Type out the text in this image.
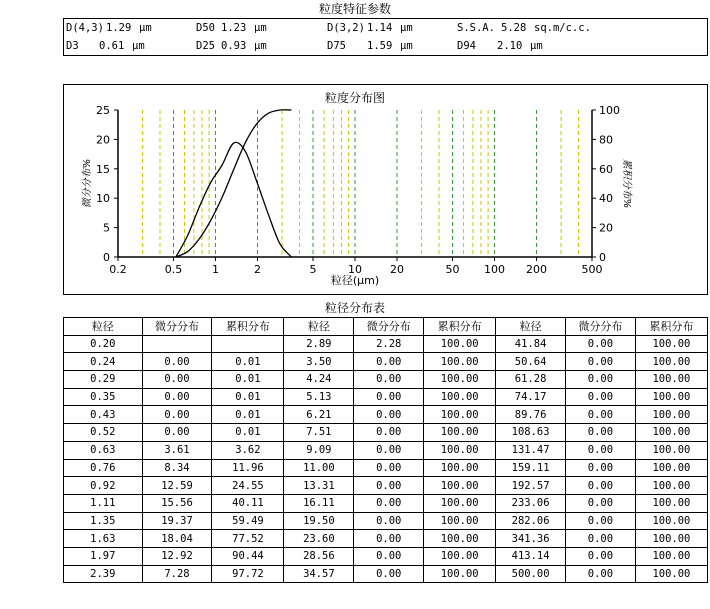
粒度特征参数
D(4,3) 1.29 μm	D50 1.23 μm	D(3,2) 1.14 μm	S.S.A. 5.28 sq.m/c.c.
D3 0.61 μm	D25 0.93 μm	D75 1.59 μm	D94 2.10 μm
0
5
10
15
20
25
0
20
40
60
80
100
0.2	0.5	1	2	5	10	20	50 100 200	500
粒度分布图
粒径(μm)
微分分布%	累积分布%
粒径分布表
粒径	微分分布	累积分布	粒径	微分分布	累积分布	粒径	微分分布	累积分布
0.20			2.89	2.28	100.00	41.84	0.00	100.00
0.24	0.00	0.01	3.50	0.00	100.00	50.64	0.00	100.00
0.29	0.00	0.01	4.24	0.00	100.00	61.28	0.00	100.00
0.35	0.00	0.01	5.13	0.00	100.00	74.17	0.00	100.00
0.43	0.00	0.01	6.21	0.00	100.00	89.76	0.00	100.00
0.52	0.00	0.01	7.51	0.00	100.00	108.63	0.00	100.00
0.63	3.61	3.62	9.09	0.00	100.00	131.47	0.00	100.00
0.76	8.34	11.96	11.00	0.00	100.00	159.11	0.00	100.00
0.92	12.59	24.55	13.31	0.00	100.00	192.57	0.00	100.00
1.11	15.56	40.11	16.11	0.00	100.00	233.06	0.00	100.00
1.35	19.37	59.49	19.50	0.00	100.00	282.06	0.00	100.00
1.63	18.04	77.52	23.60	0.00	100.00	341.36	0.00	100.00
1.97	12.92	90.44	28.56	0.00	100.00	413.14	0.00	100.00
2.39	7.28	97.72	34.57	0.00	100.00	500.00	0.00	100.00
